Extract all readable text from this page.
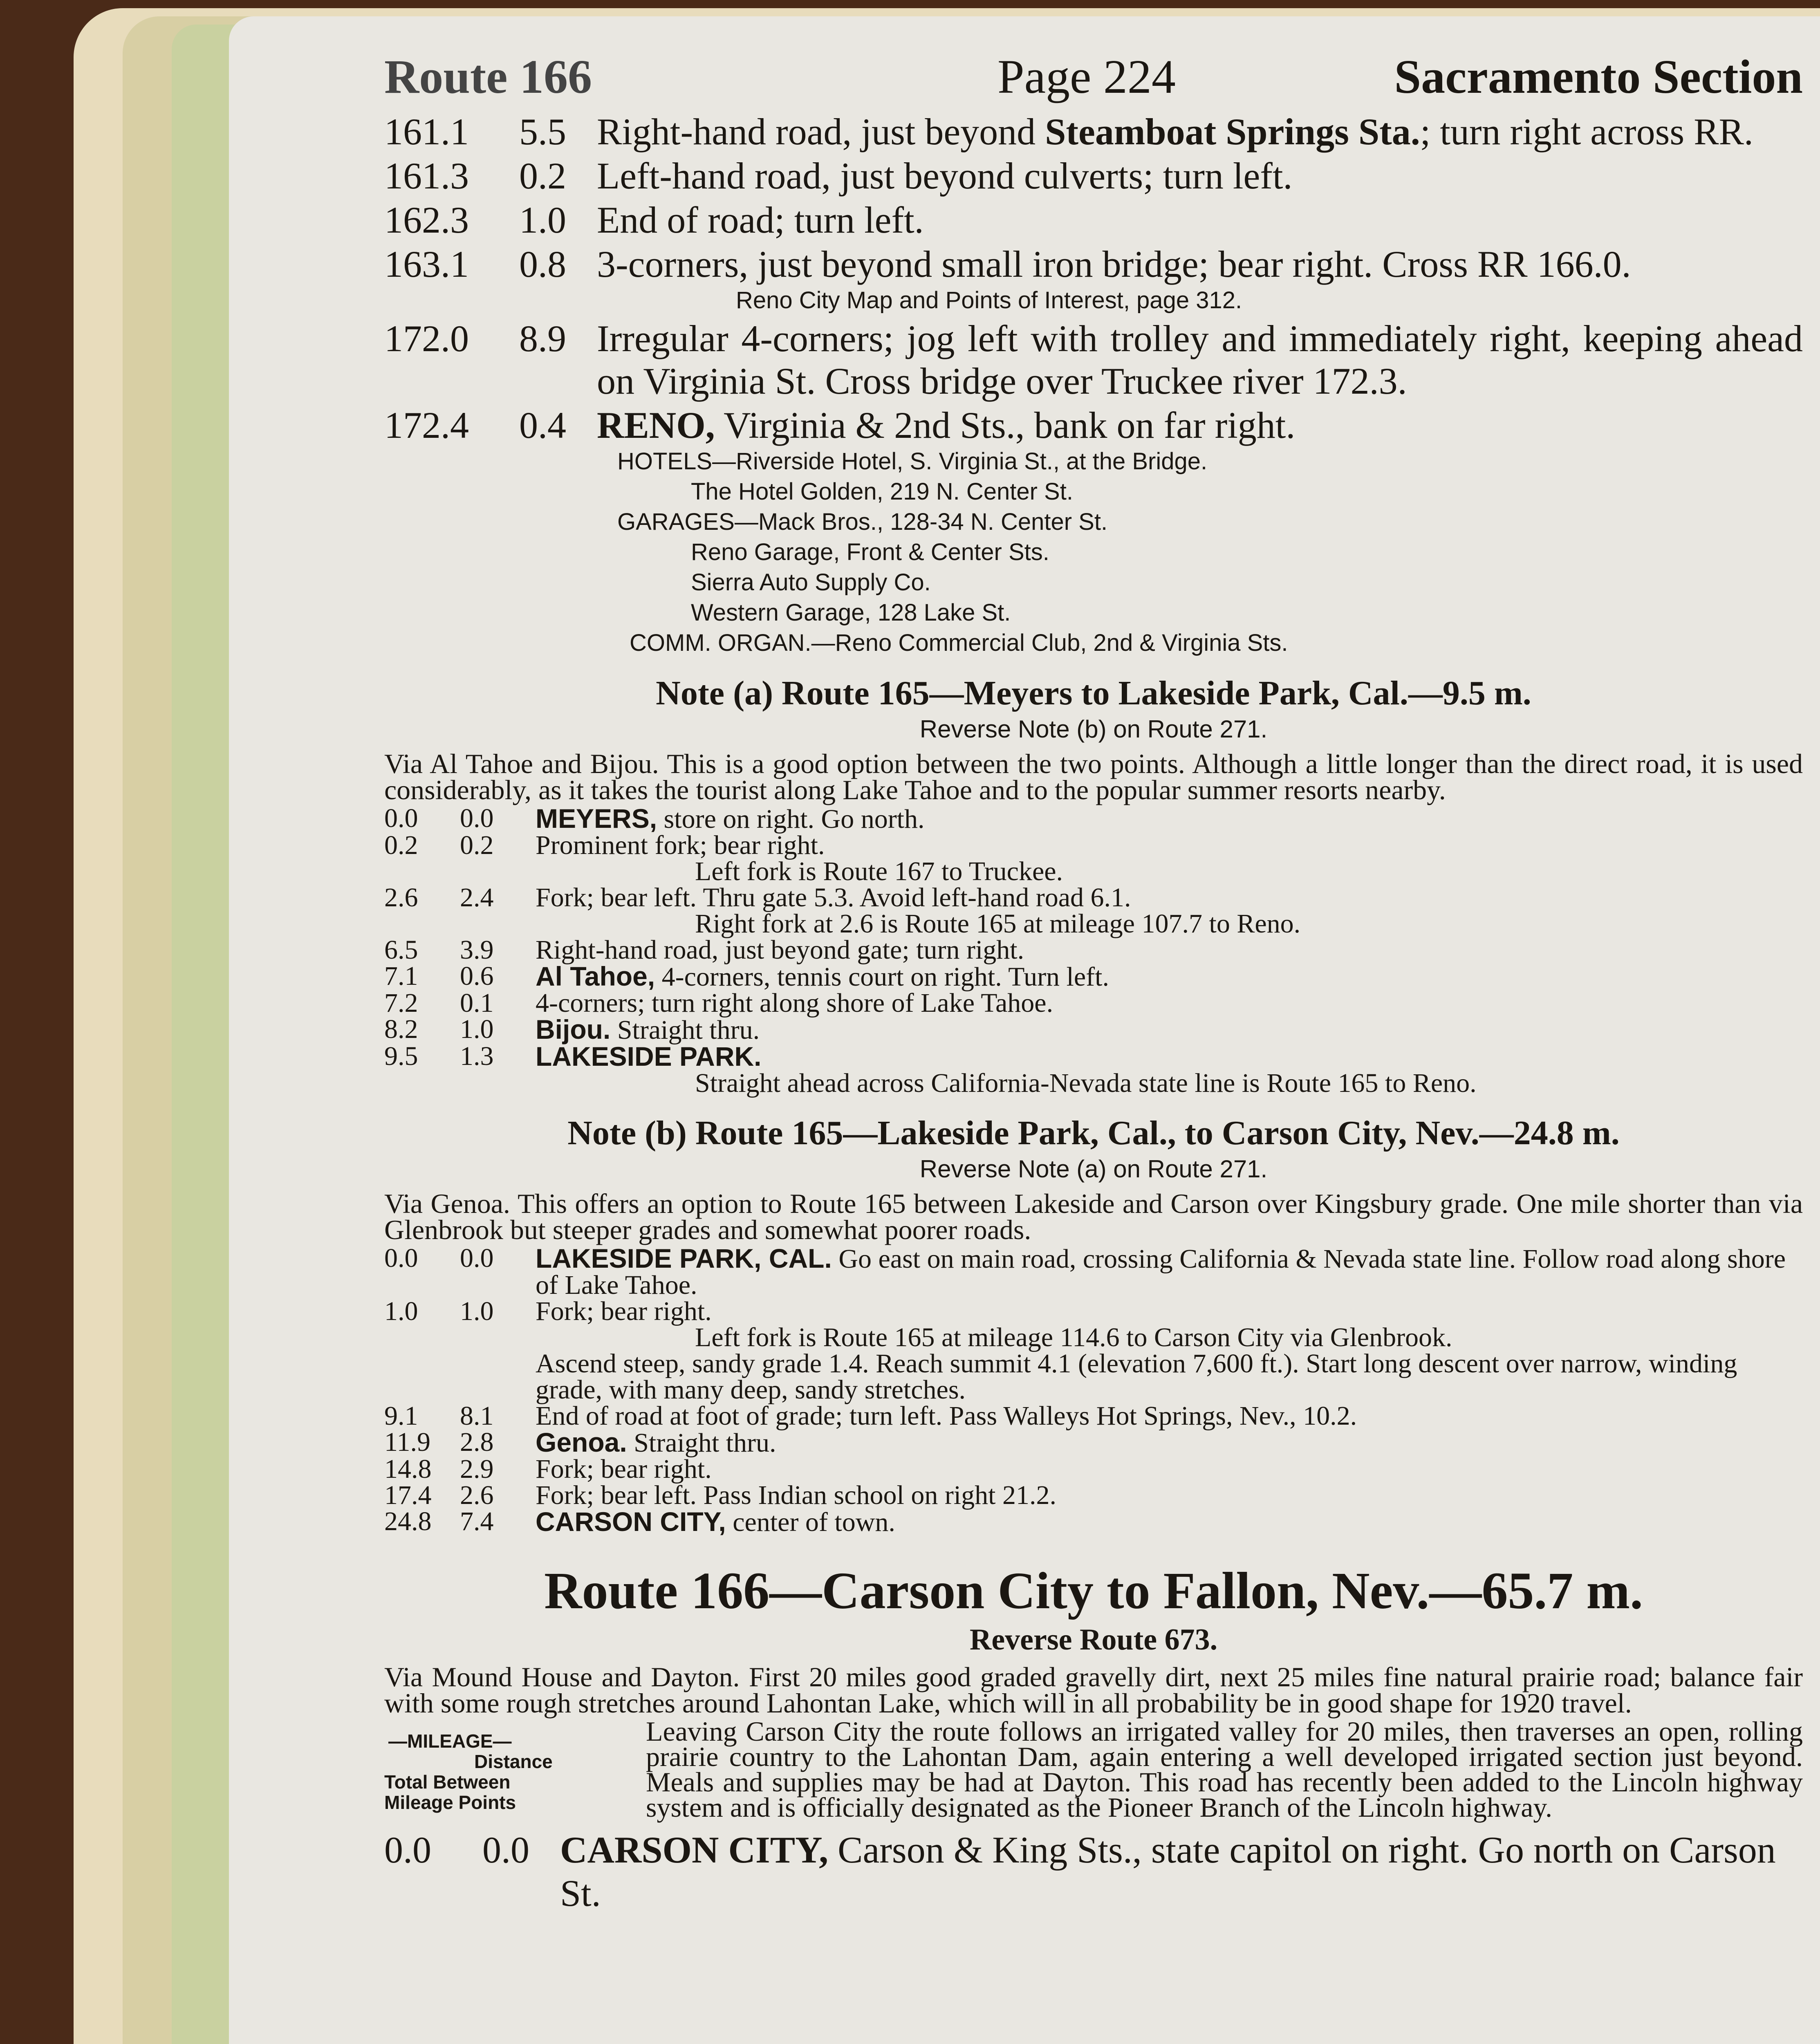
Route 166	Page 224	Sacramento Section
161.1	5.5 Right-hand road, just beyond Steamboat Springs Sta.; turn right across RR.
161.3	0.2 Left-hand road, just beyond culverts; turn left.
162.3	1.0 End of road; turn left.
163.1	0.8 3-corners, just beyond small iron bridge; bear right. Cross RR 166.0.
Reno City Map and Points of Interest, page 312.
172.0	8.9 Irregular 4-corners; jog left with trolley and immediately right, keeping ahead on Virginia St. Cross bridge over Truckee river 172.3.
172.4	0.4 RENO, Virginia & 2nd Sts., bank on far right.
HOTELS—Riverside Hotel, S. Virginia St., at the Bridge.
The Hotel Golden, 219 N. Center St.
GARAGES—Mack Bros., 128-34 N. Center St.
Reno Garage, Front & Center Sts.
Sierra Auto Supply Co.
Western Garage, 128 Lake St.
COMM. ORGAN.—Reno Commercial Club, 2nd & Virginia Sts.
Note (a) Route 165—Meyers to Lakeside Park, Cal.—9.5 m.
Reverse Note (b) on Route 271.
Via Al Tahoe and Bijou. This is a good option between the two points. Although a little longer than the direct road, it is used considerably, as it takes the tourist along Lake Tahoe and to the popular summer resorts nearby.
0.0	0.0	MEYERS, store on right. Go north.
0.2	0.2	Prominent fork; bear right.
Left fork is Route 167 to Truckee.
2.6	2.4	Fork; bear left. Thru gate 5.3. Avoid left-hand road 6.1.
Right fork at 2.6 is Route 165 at mileage 107.7 to Reno.
6.5	3.9	Right-hand road, just beyond gate; turn right.
7.1	0.6	Al Tahoe, 4-corners, tennis court on right. Turn left.
7.2	0.1	4-corners; turn right along shore of Lake Tahoe.
8.2	1.0	Bijou. Straight thru.
9.5	1.3	LAKESIDE PARK.
Straight ahead across California-Nevada state line is Route 165 to Reno.
Note (b) Route 165—Lakeside Park, Cal., to Carson City, Nev.—24.8 m.
Reverse Note (a) on Route 271.
Via Genoa. This offers an option to Route 165 between Lakeside and Carson over Kingsbury grade. One mile shorter than via Glenbrook but steeper grades and somewhat poorer roads.
0.0	0.0	LAKESIDE PARK, CAL. Go east on main road, crossing California & Nevada state line. Follow road along shore of Lake Tahoe.
1.0	1.0	Fork; bear right.
Left fork is Route 165 at mileage 114.6 to Carson City via Glenbrook.
Ascend steep, sandy grade 1.4. Reach summit 4.1 (elevation 7,600 ft.). Start long descent over narrow, winding grade, with many deep, sandy stretches.
9.1	8.1	End of road at foot of grade; turn left. Pass Walleys Hot Springs, Nev., 10.2.
11.9	2.8	Genoa. Straight thru.
14.8	2.9	Fork; bear right.
17.4	2.6	Fork; bear left. Pass Indian school on right 21.2.
24.8	7.4	CARSON CITY, center of town.
Route 166—Carson City to Fallon, Nev.—65.7 m.
Reverse Route 673.
Via Mound House and Dayton. First 20 miles good graded gravelly dirt, next 25 miles fine natural prairie road; balance fair with some rough stretches around Lahontan Lake, which will in all probability be in good shape for 1920 travel.
—MILEAGE—
Distance
Total Between
Mileage Points
Leaving Carson City the route follows an irrigated valley for 20 miles, then traverses an open, rolling prairie country to the Lahontan Dam, again entering a well developed irrigated section just beyond. Meals and supplies may be had at Dayton. This road has recently been added to the Lincoln highway system and is officially designated as the Pioneer Branch of the Lincoln highway.
0.0	0.0 CARSON CITY, Carson & King Sts., state capitol on right. Go north on Carson St.
